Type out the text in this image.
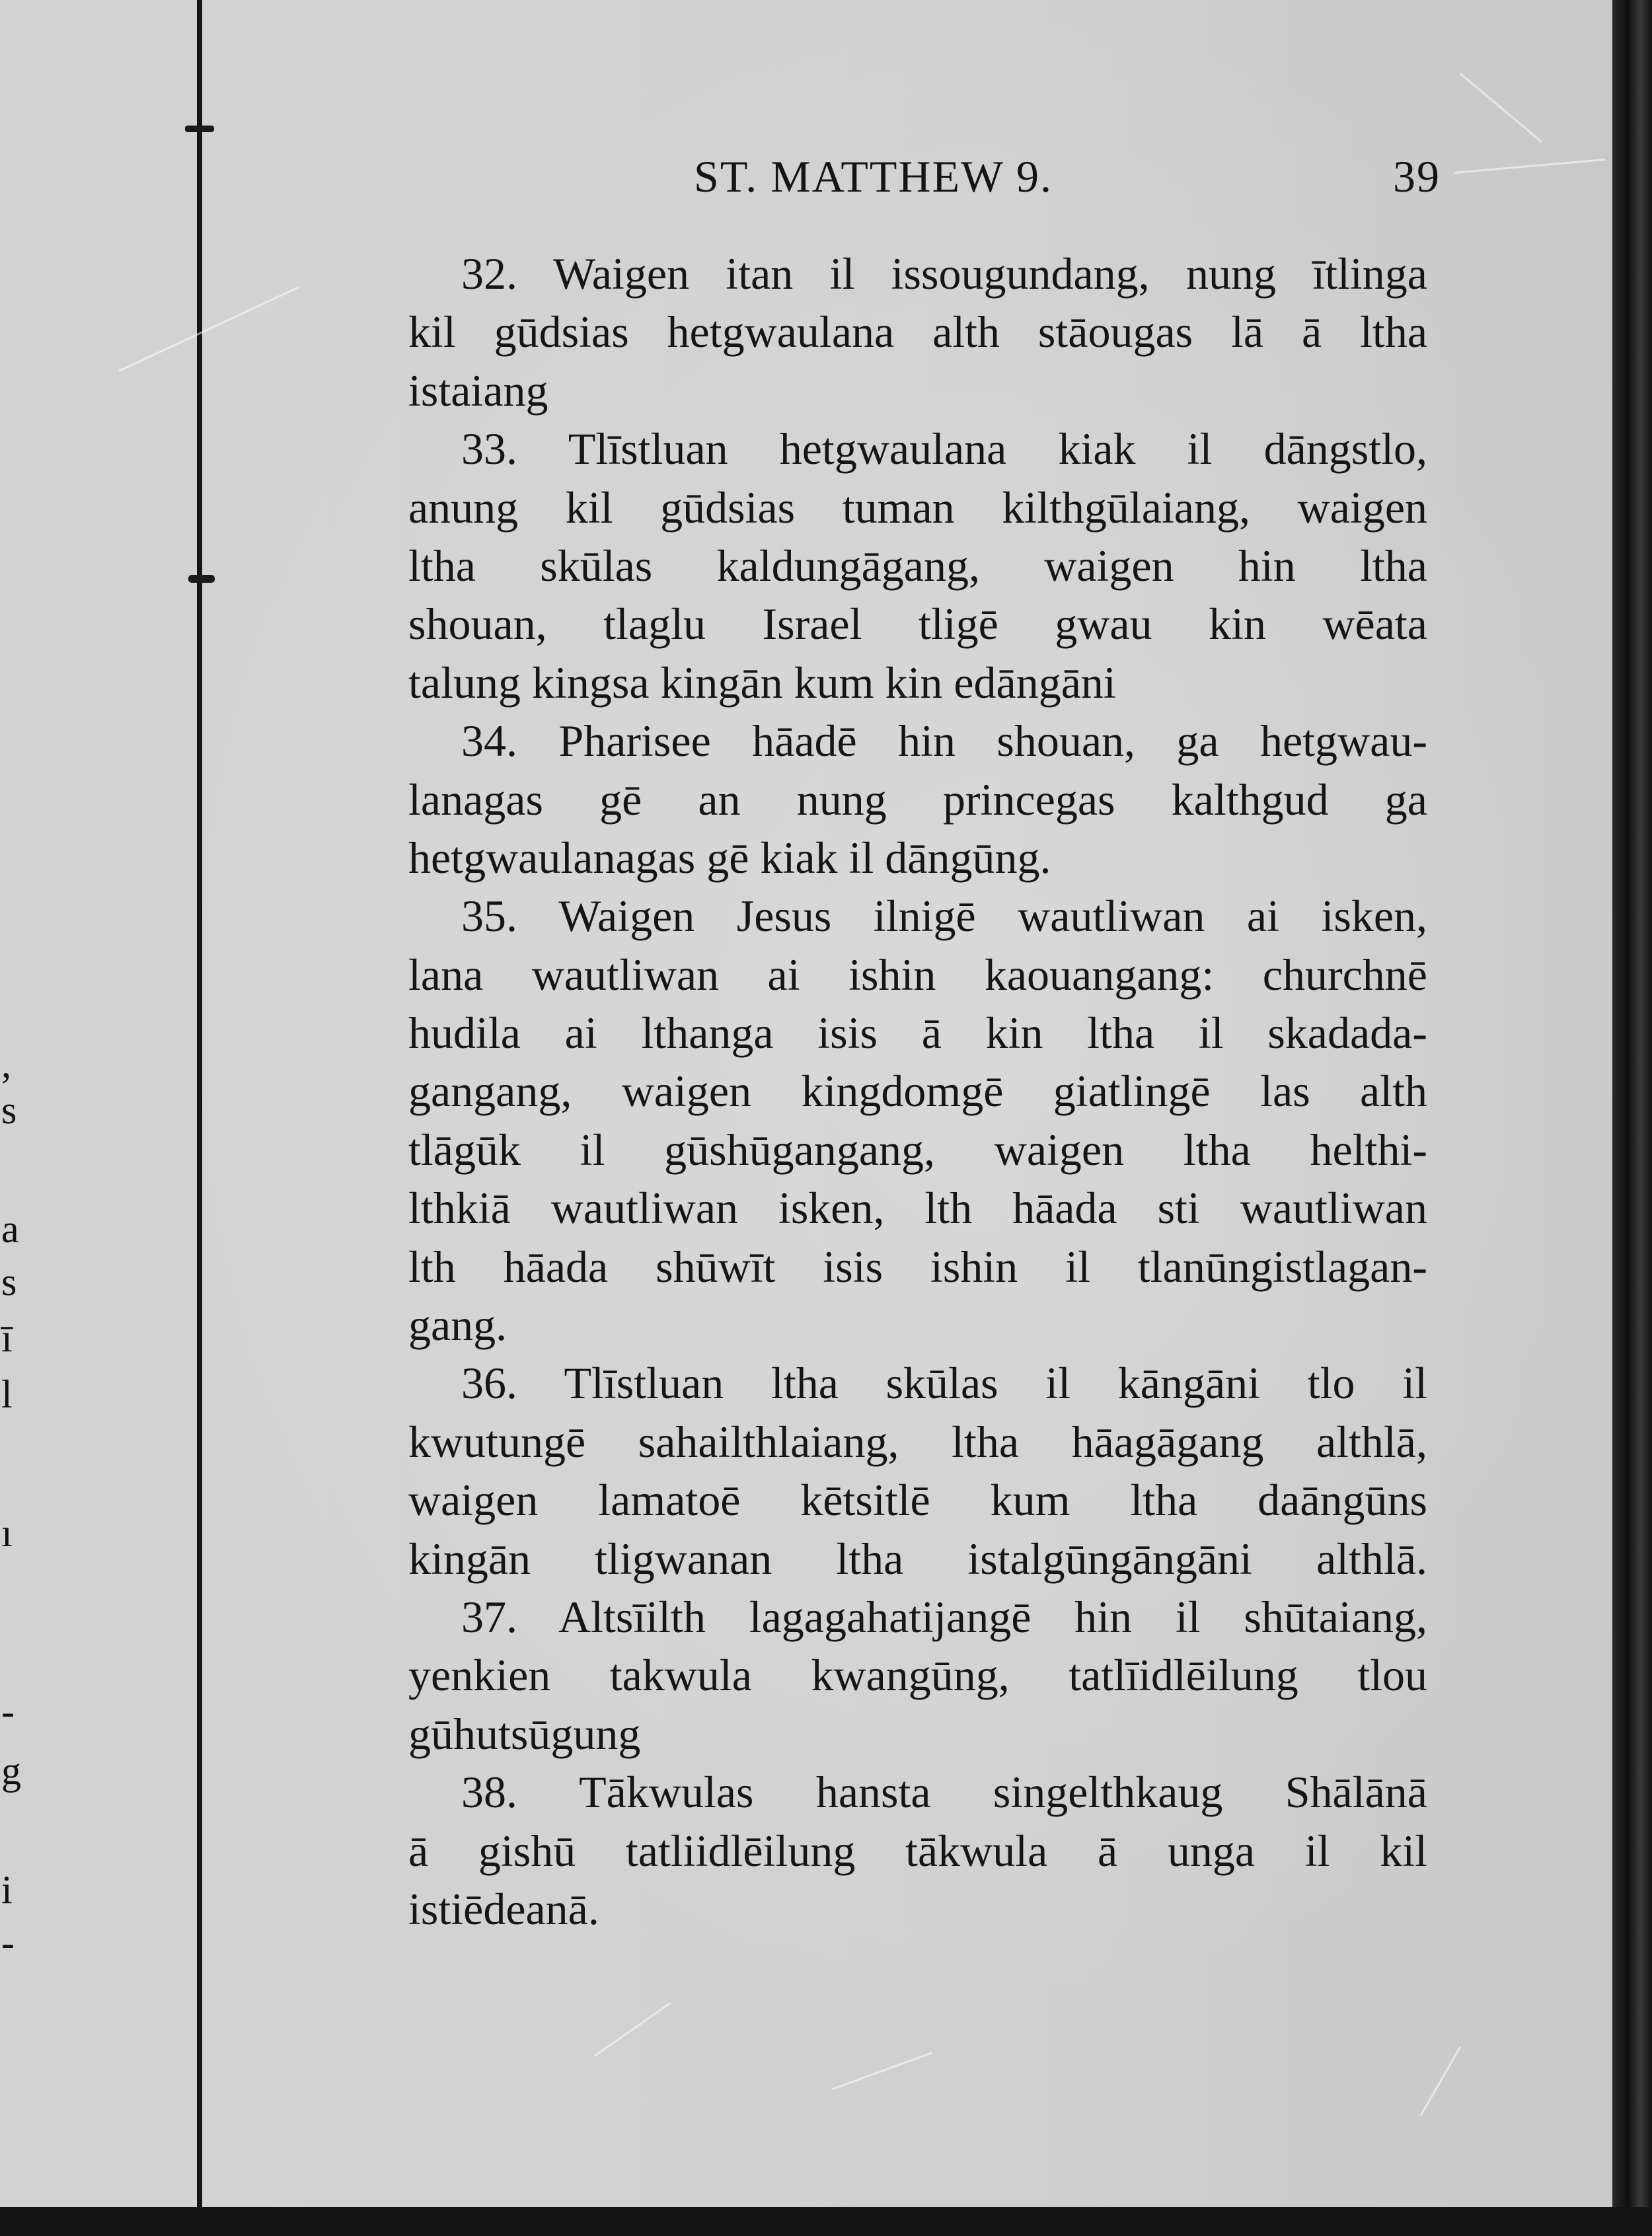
,
s
a
s
ī
l
ı
-
g
i
-
ST. MATTHEW 9.	39
32. Waigen itan il issougundang, nung ītlinga
kil gūdsias hetgwaulana alth stāougas lā ā ltha
istaiang
33. Tlīstluan hetgwaulana kiak il dāngstlo,
anung kil gūdsias tuman kilthgūlaiang, waigen
ltha skūlas kaldungāgang, waigen hin ltha
shouan, tlaglu Israel tligē gwau kin wēata
talung kingsa kingān kum kin edāngāni
34. Pharisee hāadē hin shouan, ga hetgwau-
lanagas gē an nung princegas kalthgud ga
hetgwaulanagas gē kiak il dāngūng.
35. Waigen Jesus ilnigē wautliwan ai isken,
lana wautliwan ai ishin kaouangang: churchnē
hudila ai lthanga isis ā kin ltha il skadada-
gangang, waigen kingdomgē giatlingē las alth
tlāgūk il gūshūgangang, waigen ltha helthi-
lthkiā wautliwan isken, lth hāada sti wautliwan
lth hāada shūwīt isis ishin il tlanūngistlagan-
gang.
36. Tlīstluan ltha skūlas il kāngāni tlo il
kwutungē sahailthlaiang, ltha hāagāgang althlā,
waigen lamatoē kētsitlē kum ltha daāngūns
kingān tligwanan ltha istalgūngāngāni althlā.
37. Altsīilth lagagahatijangē hin il shūtaiang,
yenkien takwula kwangūng, tatlīidlēilung tlou
gūhutsūgung
38. Tākwulas hansta singelthkaug Shālānā
ā gishū tatliidlēilung tākwula ā unga il kil
istiēdeanā.
